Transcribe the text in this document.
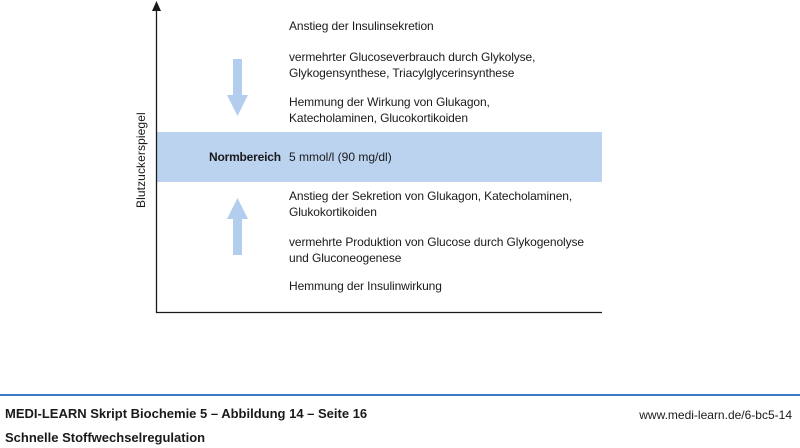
Blutzuckerspiegel	Normbereich 5 mmol/l (90 mg/dl)
Anstieg der Insulinsekretion
vermehrter Glucoseverbrauch durch Glykolyse,
Glykogensynthese, Triacylglycerinsynthese
Hemmung der Wirkung von Glukagon,
Katecholaminen, Glucokortikoiden
Anstieg der Sekretion von Glukagon, Katecholaminen,
Glukokortikoiden
vermehrte Produktion von Glucose durch Glykogenolyse
und Gluconeogenese
Hemmung der Insulinwirkung
MEDI-LEARN Skript Biochemie 5 – Abbildung 14 – Seite 16
Schnelle Stoffwechselregulation
www.medi-learn.de/6-bc5-14
